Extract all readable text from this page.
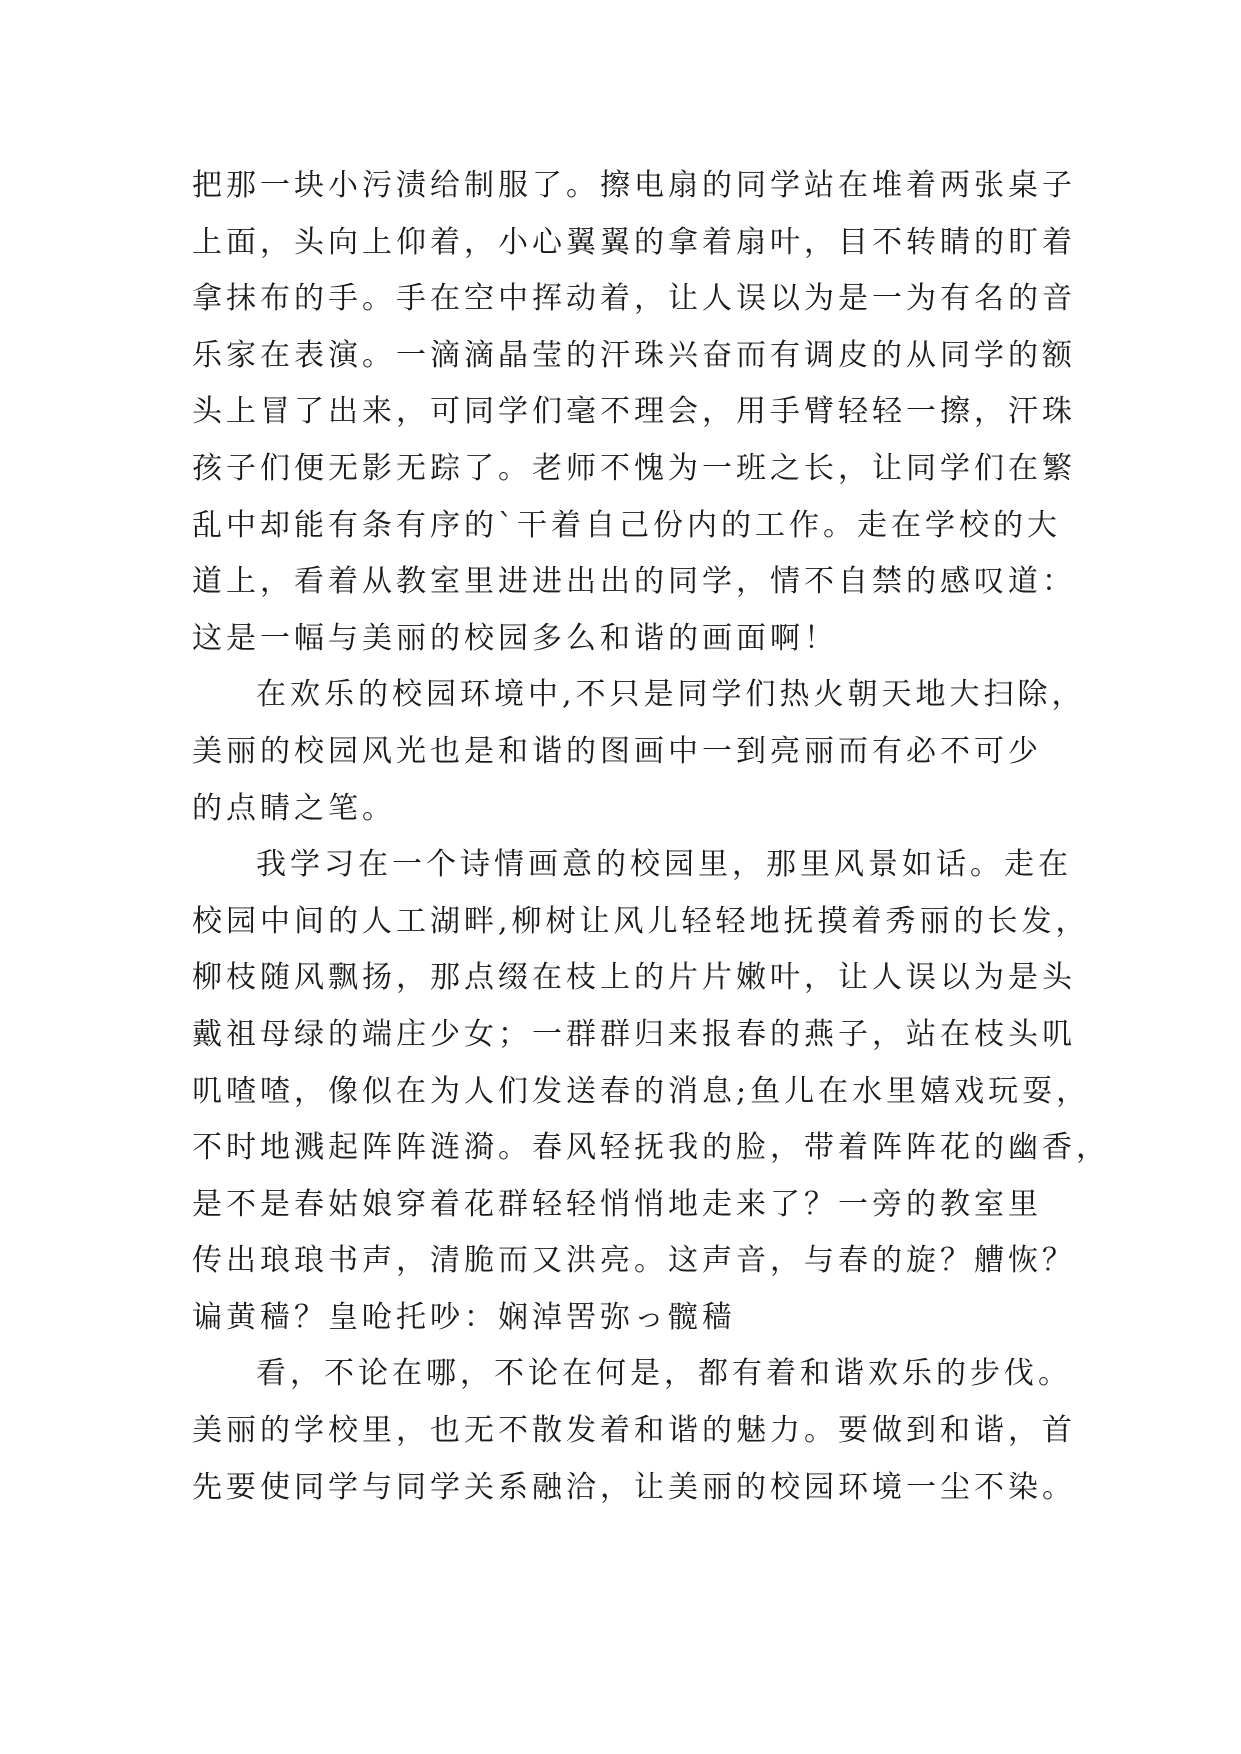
把那一块小污渍给制服了。擦电扇的同学站在堆着两张桌子
上面，头向上仰着，小心翼翼的拿着扇叶，目不转睛的盯着
拿抹布的手。手在空中挥动着，让人误以为是一为有名的音
乐家在表演。一滴滴晶莹的汗珠兴奋而有调皮的从同学的额
头上冒了出来，可同学们毫不理会，用手臂轻轻一擦，汗珠
孩子们便无影无踪了。老师不愧为一班之长，让同学们在繁
乱中却能有条有序的`干着自己份内的工作。走在学校的大
道上，看着从教室里进进出出的同学，情不自禁的感叹道：
这是一幅与美丽的校园多么和谐的画面啊！
在欢乐的校园环境中,不只是同学们热火朝天地大扫除，
美丽的校园风光也是和谐的图画中一到亮丽而有必不可少
的点睛之笔。
我学习在一个诗情画意的校园里，那里风景如话。走在
校园中间的人工湖畔,柳树让风儿轻轻地抚摸着秀丽的长发，
柳枝随风飘扬，那点缀在枝上的片片嫩叶，让人误以为是头
戴祖母绿的端庄少女；一群群归来报春的燕子，站在枝头叽
叽喳喳，像似在为人们发送春的消息;鱼儿在水里嬉戏玩耍，
不时地溅起阵阵涟漪。春风轻抚我的脸，带着阵阵花的幽香，
是不是春姑娘穿着花群轻轻悄悄地走来了？一旁的教室里
传出琅琅书声，清脆而又洪亮。这声音，与春的旋？艚恢？
谝黄穑？皇呛托吵：娴淖罟弥っ髋穑
看，不论在哪，不论在何是，都有着和谐欢乐的步伐。
美丽的学校里，也无不散发着和谐的魅力。要做到和谐，首
先要使同学与同学关系融洽，让美丽的校园环境一尘不染。
